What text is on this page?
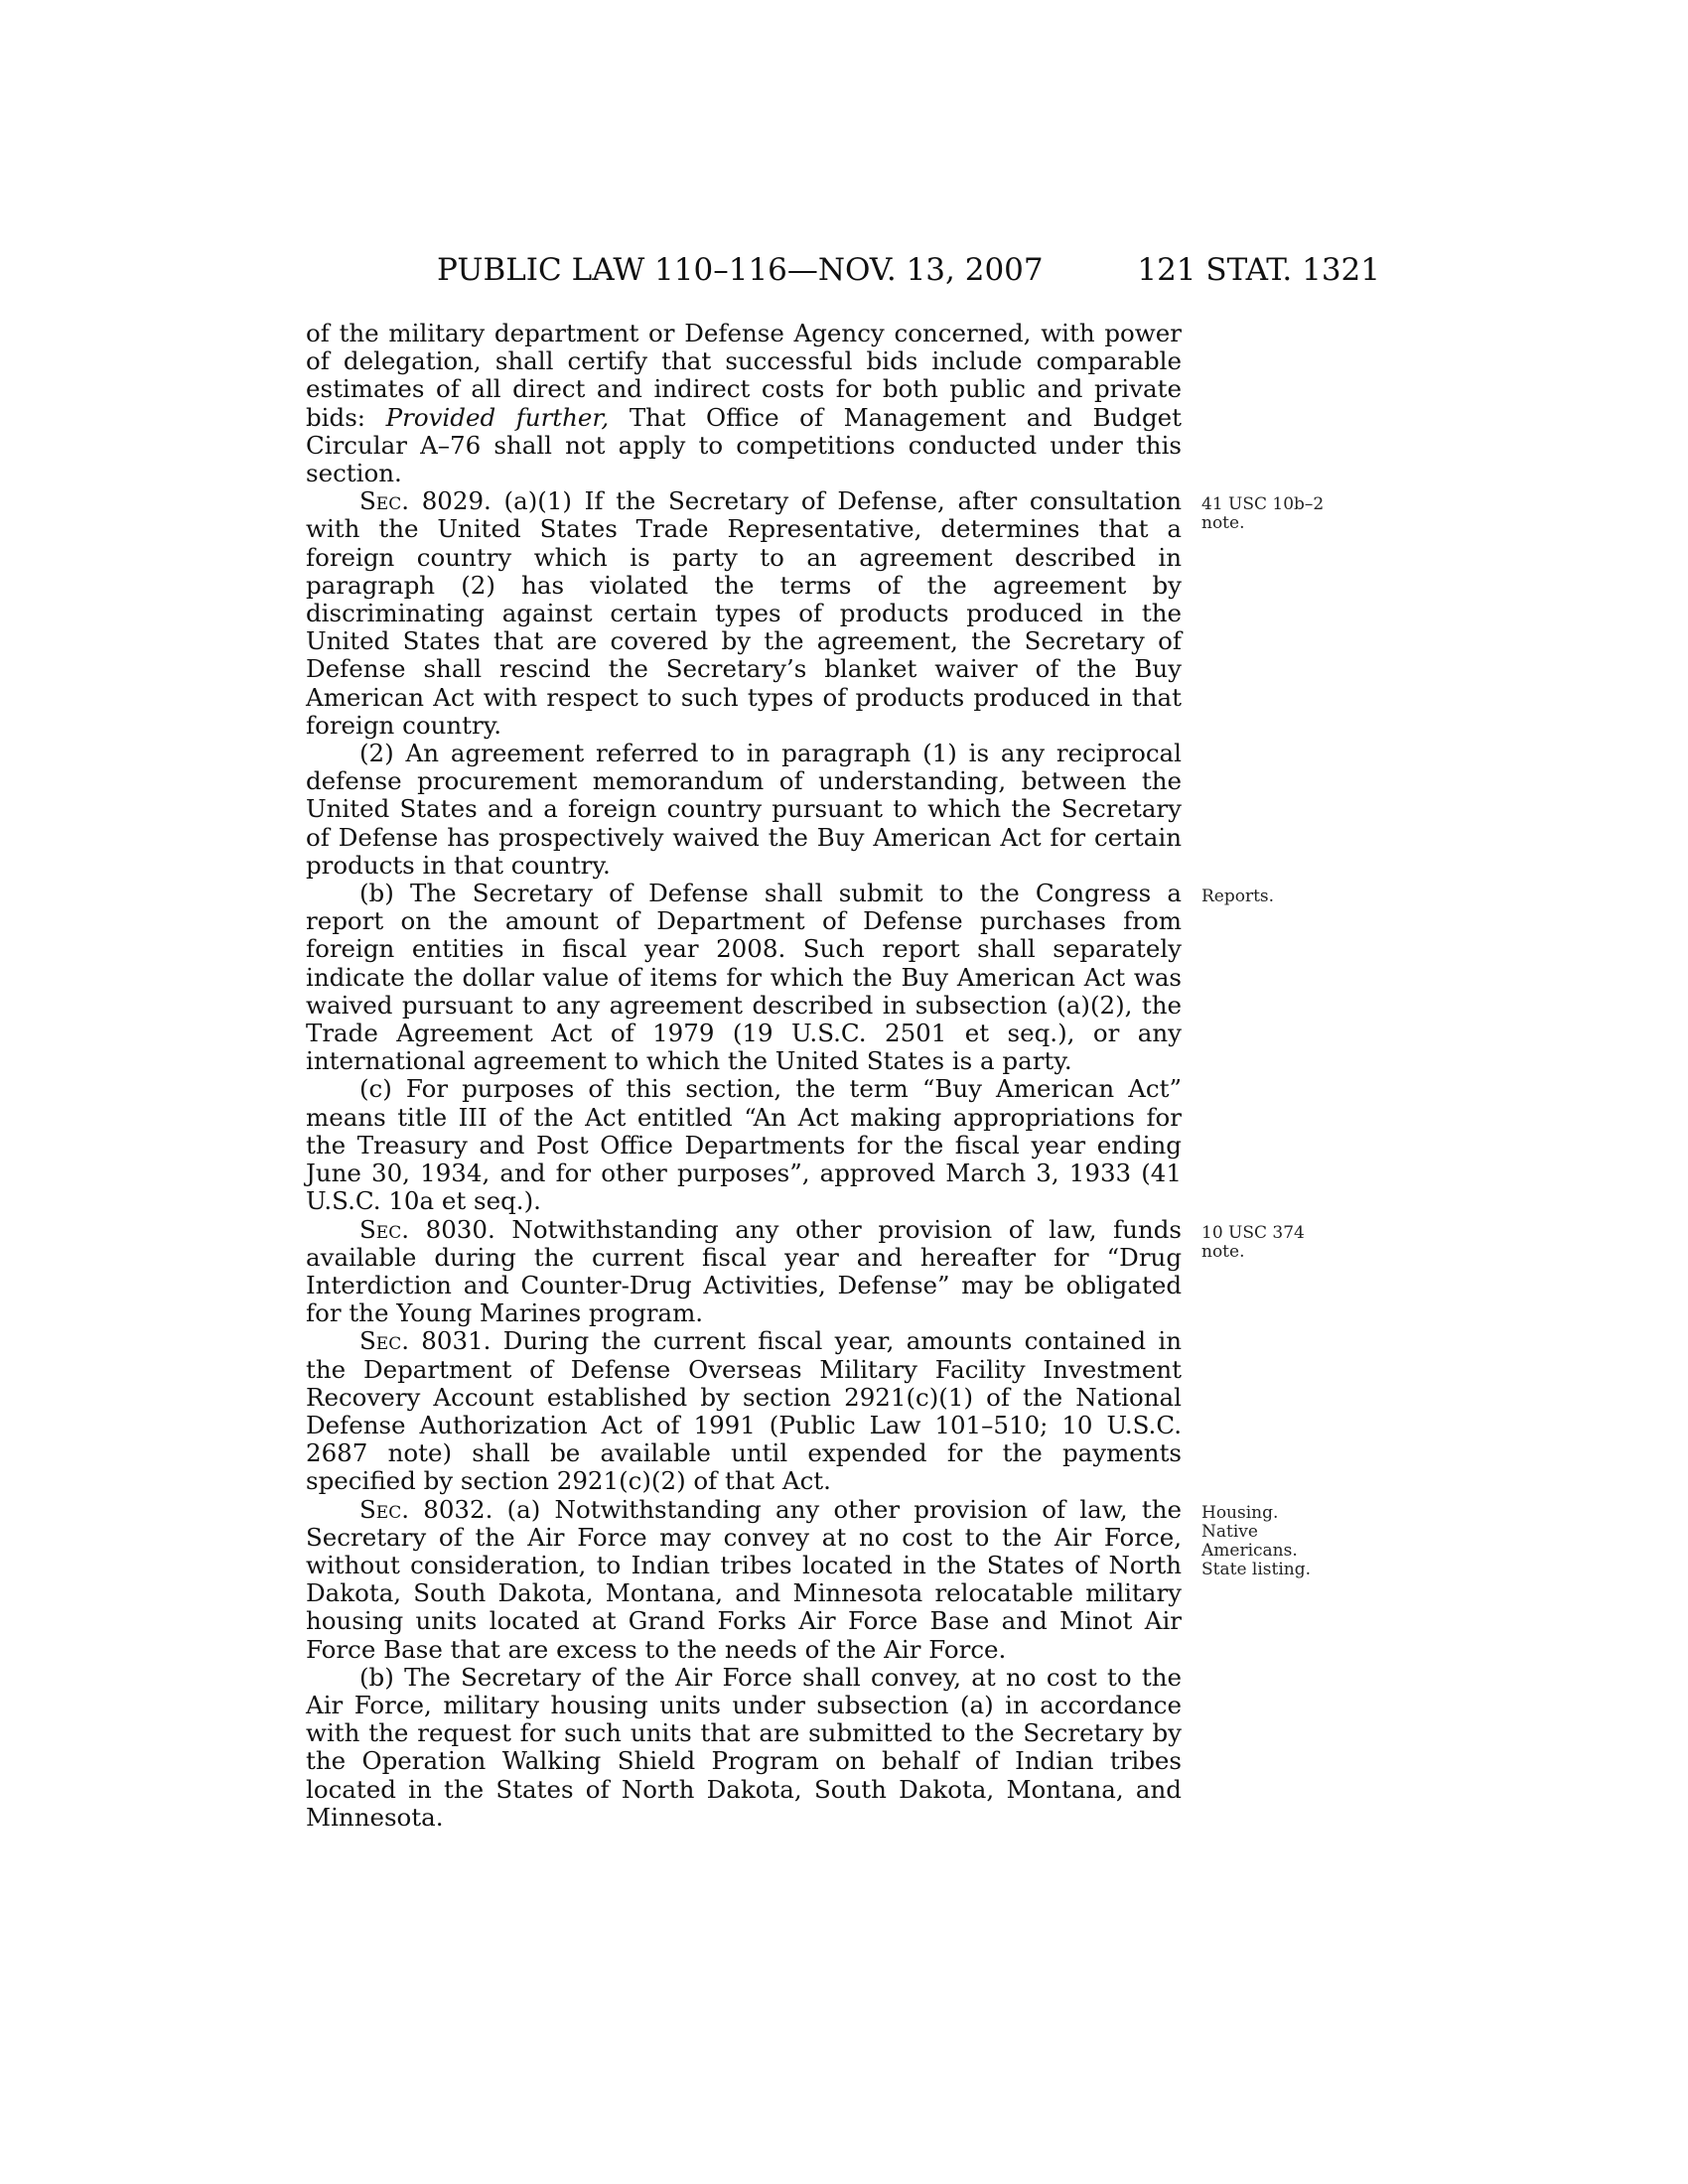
PUBLIC LAW 110–116—NOV. 13, 2007	121 STAT. 1321

of the military department or Defense Agency concerned, with power of delegation, shall certify that successful bids include comparable estimates of all direct and indirect costs for both public and private bids: Provided further, That Office of Management and Budget Circular A–76 shall not apply to competitions conducted under this section.

Sec. 8029. (a)(1) If the Secretary of Defense, after consultation with the United States Trade Representative, determines that a foreign country which is party to an agreement described in paragraph (2) has violated the terms of the agreement by discriminating against certain types of products produced in the United States that are covered by the agreement, the Secretary of Defense shall rescind the Secretary’s blanket waiver of the Buy American Act with respect to such types of products produced in that foreign country.
41 USC 10b–2
note.

(2) An agreement referred to in paragraph (1) is any reciprocal defense procurement memorandum of understanding, between the United States and a foreign country pursuant to which the Secretary of Defense has prospectively waived the Buy American Act for certain products in that country.

(b) The Secretary of Defense shall submit to the Congress a report on the amount of Department of Defense purchases from foreign entities in fiscal year 2008. Such report shall separately indicate the dollar value of items for which the Buy American Act was waived pursuant to any agreement described in subsection (a)(2), the Trade Agreement Act of 1979 (19 U.S.C. 2501 et seq.), or any international agreement to which the United States is a party.
Reports.

(c) For purposes of this section, the term “Buy American Act” means title III of the Act entitled “An Act making appropriations for the Treasury and Post Office Departments for the fiscal year ending June 30, 1934, and for other purposes”, approved March 3, 1933 (41 U.S.C. 10a et seq.).

Sec. 8030. Notwithstanding any other provision of law, funds available during the current fiscal year and hereafter for “Drug Interdiction and Counter-Drug Activities, Defense” may be obligated for the Young Marines program.
10 USC 374 note.

Sec. 8031. During the current fiscal year, amounts contained in the Department of Defense Overseas Military Facility Investment Recovery Account established by section 2921(c)(1) of the National Defense Authorization Act of 1991 (Public Law 101–510; 10 U.S.C. 2687 note) shall be available until expended for the payments specified by section 2921(c)(2) of that Act.

Sec. 8032. (a) Notwithstanding any other provision of law, the Secretary of the Air Force may convey at no cost to the Air Force, without consideration, to Indian tribes located in the States of North Dakota, South Dakota, Montana, and Minnesota relocatable military housing units located at Grand Forks Air Force Base and Minot Air Force Base that are excess to the needs of the Air Force.
Housing.
Native
Americans.
State listing.

(b) The Secretary of the Air Force shall convey, at no cost to the Air Force, military housing units under subsection (a) in accordance with the request for such units that are submitted to the Secretary by the Operation Walking Shield Program on behalf of Indian tribes located in the States of North Dakota, South Dakota, Montana, and Minnesota.
